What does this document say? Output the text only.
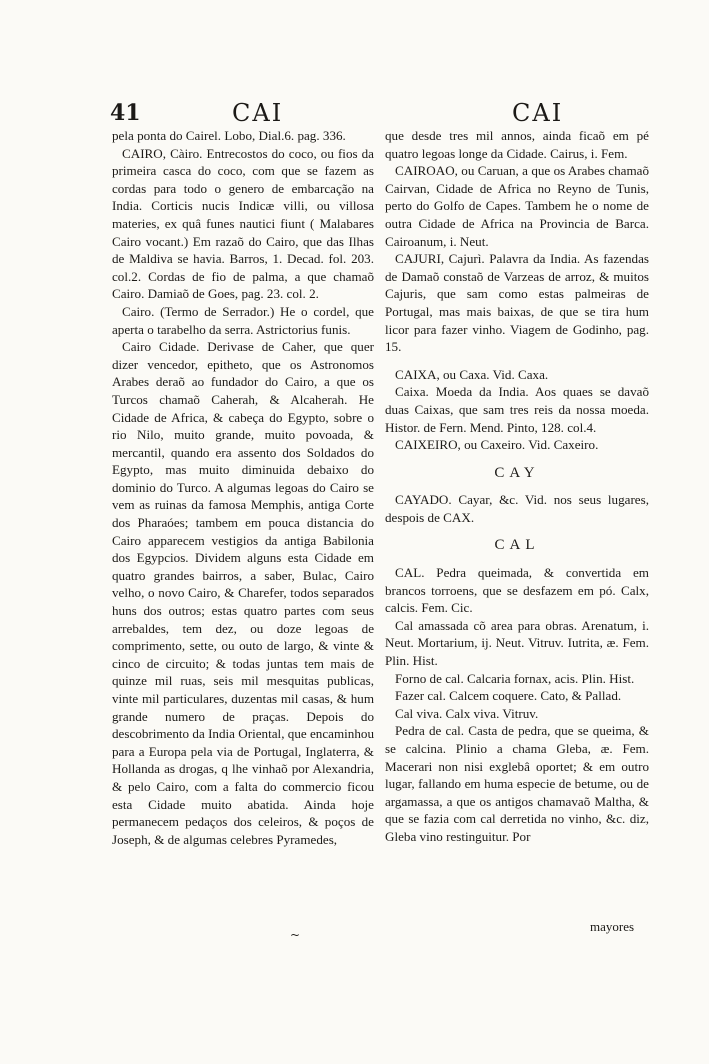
41	CAI	CAI

pela ponta do Cairel. Lobo, Dial.6. pag. 336.

CAIRO, Càiro. Entrecostos do coco, ou fios da primeira casca do coco, com que se fazem as cordas para todo o genero de embarcação na India. Corticis nucis Indicæ villi, ou villosa materies, ex quâ funes nautici fiunt ( Malabares Cairo vocant.) Em razaõ do Cairo, que das Ilhas de Maldiva se havia. Barros, 1. Decad. fol. 203. col.2. Cordas de fio de palma, a que chamaõ Cairo. Damiaõ de Goes, pag. 23. col. 2.

Cairo. (Termo de Serrador.) He o cordel, que aperta o tarabelho da serra. Astrictorius funis.

Cairo Cidade. Derivase de Caher, que quer dizer vencedor, epitheto, que os Astronomos Arabes deraõ ao fundador do Cairo, a que os Turcos chamaõ Caherah, & Alcaherah. He Cidade de Africa, & cabeça do Egypto, sobre o rio Nilo, muito grande, muito povoada, & mercantil, quando era assento dos Soldados do Egypto, mas muito diminuida debaixo do dominio do Turco. A algumas legoas do Cairo se vem as ruinas da famosa Memphis, antiga Corte dos Pharaóes; tambem em pouca distancia do Cairo apparecem vestigios da antiga Babilonia dos Egypcios. Dividem alguns esta Cidade em quatro grandes bairros, a saber, Bulac, Cairo velho, o novo Cairo, & Charefer, todos separados huns dos outros; estas quatro partes com seus arrebaldes, tem dez, ou doze legoas de comprimento, sette, ou outo de largo, & vinte & cinco de circuito; & todas juntas tem mais de quinze mil ruas, seis mil mesquitas publicas, vinte mil particulares, duzentas mil casas, & hum grande numero de praças. Depois do descobrimento da India Oriental, que encaminhou para a Europa pela via de Portugal, Inglaterra, & Hollanda as drogas, q lhe vinhaõ por Alexandria, & pelo Cairo, com a falta do commercio ficou esta Cidade muito abatida. Ainda hoje permanecem pedaços dos celeiros, & poços de Joseph, & de algumas celebres Pyramedes,

que desde tres mil annos, ainda ficaõ em pé quatro legoas longe da Cidade. Cairus, i. Fem.

CAIROAO, ou Caruan, a que os Arabes chamaõ Cairvan, Cidade de Africa no Reyno de Tunis, perto do Golfo de Capes. Tambem he o nome de outra Cidade de Africa na Provincia de Barca. Cairoanum, i. Neut.

CAJURI, Cajurì. Palavra da India. As fazendas de Damaõ constaõ de Varzeas de arroz, & muitos Cajuris, que sam como estas palmeiras de Portugal, mas mais baixas, de que se tira hum licor para fazer vinho. Viagem de Godinho, pag. 15.

CAIXA, ou Caxa. Vid. Caxa.

Caixa. Moeda da India. Aos quaes se davaõ duas Caixas, que sam tres reis da nossa moeda. Histor. de Fern. Mend. Pinto, 128. col.4.

CAIXEIRO, ou Caxeiro. Vid. Caxeiro.

CAY

CAYADO. Cayar, &c. Vid. nos seus lugares, despois de CAX.

CAL

CAL. Pedra queimada, & convertida em brancos torroens, que se desfazem em pó. Calx, calcis. Fem. Cic.

Cal amassada cõ area para obras. Arenatum, i. Neut. Mortarium, ij. Neut. Vitruv. Iutrita, æ. Fem. Plin. Hist.

Forno de cal. Calcaria fornax, acis. Plin. Hist.

Fazer cal. Calcem coquere. Cato, & Pallad.

Cal viva. Calx viva. Vitruv.

Pedra de cal. Casta de pedra, que se queima, & se calcina. Plinio a chama Gleba, æ. Fem. Macerari non nisi exglebâ oportet; & em outro lugar, fallando em huma especie de betume, ou de argamassa, a que os antigos chamavaõ Maltha, & que se fazia com cal derretida no vinho, &c. diz, Gleba vino restinguitur. Por

~
mayores
